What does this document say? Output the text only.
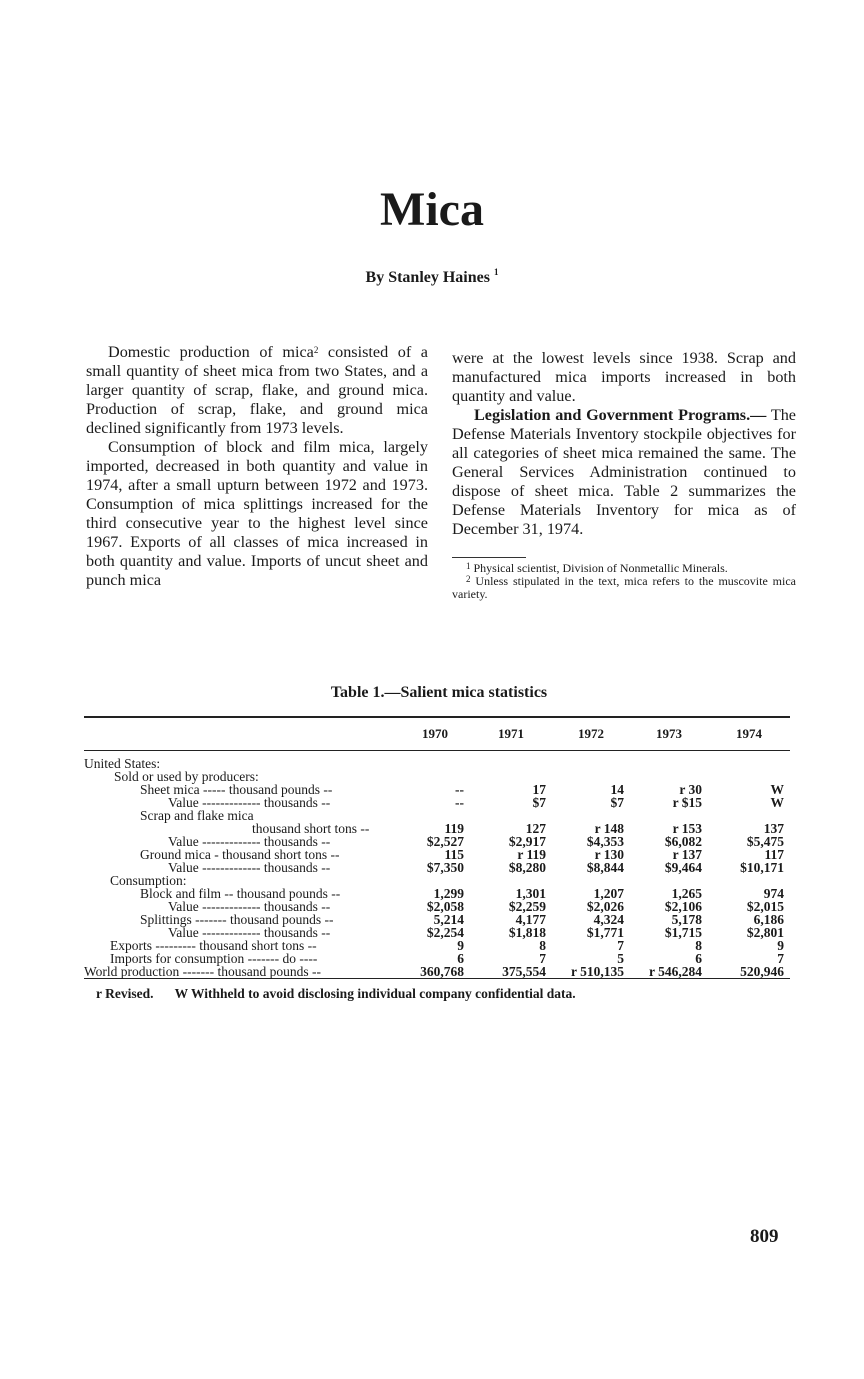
Mica

By Stanley Haines $^1$

Domestic production of mica$^2$ consisted of a small quantity of sheet mica from two States, and a larger quantity of scrap, flake, and ground mica. Production of scrap, flake, and ground mica declined significantly from 1973 levels.

Consumption of block and film mica, largely imported, decreased in both quantity and value in 1974, after a small upturn between 1972 and 1973. Consumption of mica splittings increased for the third consecutive year to the highest level since 1967. Exports of all classes of mica increased in both quantity and value. Imports of uncut sheet and punch mica

were at the lowest levels since 1938. Scrap and manufactured mica imports increased in both quantity and value.

Legislation and Government Programs.— The Defense Materials Inventory stockpile objectives for all categories of sheet mica remained the same. The General Services Administration continued to dispose of sheet mica. Table 2 summarizes the Defense Materials Inventory for mica as of December 31, 1974.

$^1$ Physical scientist, Division of Nonmetallic Minerals.

$^2$ Unless stipulated in the text, mica refers to the muscovite mica variety.

Table 1.—Salient mica statistics
	1970	1971	1972	1973	1974
United States:					
Sold or used by producers:					
Sheet mica ----- thousand pounds --	--	17	14	r 30	W
Value ------------- thousands --	--	$7	$7	r $15	W
Scrap and flake mica					
thousand short tons --	119	127	r 148	r 153	137
Value ------------- thousands --	$2,527	$2,917	$4,353	$6,082	$5,475
Ground mica - thousand short tons --	115	r 119	r 130	r 137	117
Value ------------- thousands --	$7,350	$8,280	$8,844	$9,464	$10,171
Consumption:					
Block and film -- thousand pounds --	1,299	1,301	1,207	1,265	974
Value ------------- thousands --	$2,058	$2,259	$2,026	$2,106	$2,015
Splittings ------- thousand pounds --	5,214	4,177	4,324	5,178	6,186
Value ------------- thousands --	$2,254	$1,818	$1,771	$1,715	$2,801
Exports --------- thousand short tons --	9	8	7	8	9
Imports for consumption ------- do ----	6	7	5	6	7
World production ------- thousand pounds --	360,768	375,554	r 510,135	r 546,284	520,946

r Revised. W Withheld to avoid disclosing individual company confidential data.

809
